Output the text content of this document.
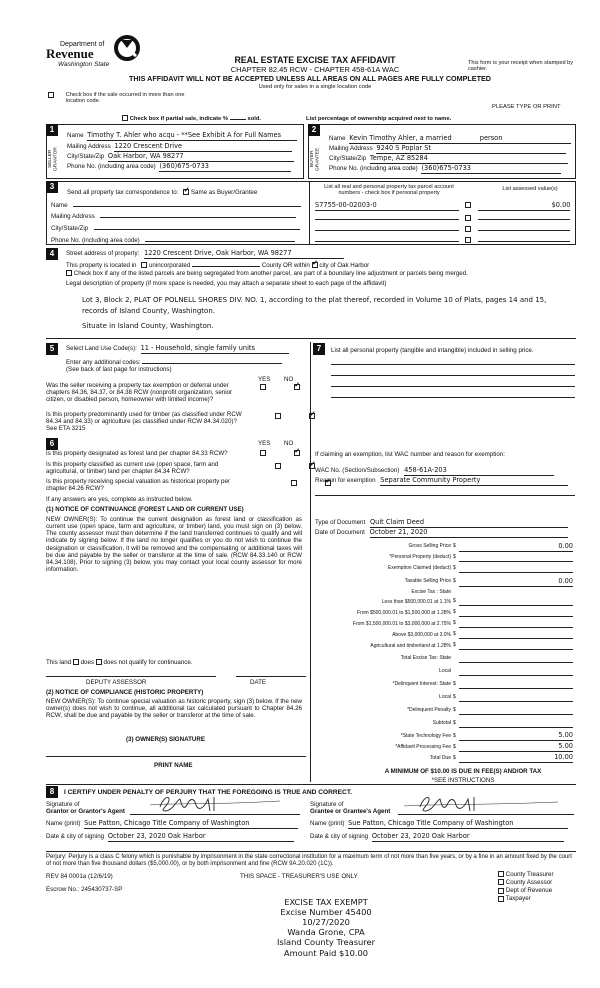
Department of
Revenue
Washington State	REAL ESTATE EXCISE TAX AFFIDAVIT
CHAPTER 82.45 RCW - CHAPTER 458-61A WAC
THIS AFFIDAVIT WILL NOT BE ACCEPTED UNLESS ALL AREAS ON ALL PAGES ARE FULLY COMPLETED
Used only for sales in a single location code
This form is your receipt when stamped by cashier.
Check box if the sale occurred in more than one location code.
PLEASE TYPE OR PRINT
Check box if partial sale, indicate %	sold.	List percentage of ownership acquired next to name.
1
SELLER GRANTOR
Name Timothy T. Ahler who acqu - **See Exhibit A for Full Names
Mailing Address 1220 Crescent Drive
City/State/Zip Oak Harbor, WA 98277
Phone No. (including area code) (360)675-0733
2
BUYER GRANTEE
Name Kevin Timothy Ahler, a married	person
Mailing Address 9240 S Poplar St
City/State/Zip Tempe, AZ 85284
Phone No. (including area code) (360)675-0733
3
Send all property tax correspondence to: ✓ Same as Buyer/Grantee
Name
Mailing Address
City/State/Zip
Phone No. (including area code)
List all real and personal property tax parcel account numbers - check box if personal property
List assessed value(s)
S7755-00-02003-0	$0.00

4	Street address of property: 1220 Crescent Drive, Oak Harbor, WA 98277
This property is located in unincorporated	County OR within ✓ city of Oak Harbor
Check box if any of the listed parcels are being segregated from another parcel, are part of a boundary line adjustment or parcels being merged.
Legal description of property (if more space is needed, you may attach a separate sheet to each page of the affidavit)
Lot 3, Block 2, PLAT OF POLNELL SHORES DIV. NO. 1, according to the plat thereof, recorded in Volume 10 of Plats, pages 14 and 15, records of Island County, Washington.
Situate in Island County, Washington.
5	Select Land Use Code(s): 11 - Household, single family units
Enter any additional codes:
(See back of last page for instructions)
YES NO
Was the seller receiving a property tax exemption or deferral under chapters 84.36, 84.37, or 84.38 RCW (nonprofit organization, senior citizen, or disabled person, homeowner with limited income)?
✓
Is this property predominantly used for timber (as classified under RCW 84.34 and 84.33) or agriculture (as classified under RCW 84.34.020)? See ETA 3215
✓
6	YES NO
Is this property designated as forest land per chapter 84.33 RCW?
✓
Is this property classified as current use (open space, farm and agricultural, or timber) land per chapter 84.34 RCW?
✓
Is this property receiving special valuation as historical property per chapter 84.26 RCW?
✓
If any answers are yes, complete as instructed below.
(1) NOTICE OF CONTINUANCE (FOREST LAND OR CURRENT USE)
NEW OWNER(S): To continue the current designation as forest land or classification as current use (open space, farm and agriculture, or timber) land, you must sign on (3) below. The county assessor must then determine if the land transferred continues to qualify and will indicate by signing below. If the land no longer qualifies or you do not wish to continue the designation or classification, it will be removed and the compensating or additional taxes will be due and payable by the seller or transferor at the time of sale. (RCW 84.33.140 or RCW 84.34.108). Prior to signing (3) below, you may contact your local county assessor for more information.
This land does does not qualify for continuance.
DEPUTY ASSESSOR	DATE
(2) NOTICE OF COMPLIANCE (HISTORIC PROPERTY)
NEW OWNER(S): To continue special valuation as historic property, sign (3) below. If the new owner(s) does not wish to continue, all additional tax calculated pursuant to Chapter 84.26 RCW, shall be due and payable by the seller or transferor at the time of sale.
(3) OWNER(S) SIGNATURE
PRINT NAME
7	List all personal property (tangible and intangible) included in selling price.
If claiming an exemption, list WAC number and reason for exemption:
WAC No. (Section/Subsection) 458-61A-203
Reason for exemption Separate Community Property
Type of Document Quit Claim Deed
Date of Document October 21, 2020
Gross Selling Price $	0.00
*Personal Property (deduct) $
Exemption Claimed (deduct) $
Taxable Selling Price $	0.00
Excise Tax : State
Less than $500,000.01 at 1.1% $
From $500,000.01 to $1,500,000 at 1.28% $
From $1,500,000.01 to $3,000,000 at 2.75% $
Above $3,000,000 at 3.0% $
Agricultural and timberland at 1.28% $
Total Excise Tax: State
Local
*Delinquent Interest: State $
Local $
*Delinquent Penalty $
Subtotal $
*State Technology Fee $	5.00
*Affidavit Processing Fee $	5.00
Total Due $	10.00
A MINIMUM OF $10.00 IS DUE IN FEE(S) AND/OR TAX
*SEE INSTRUCTIONS
8	I CERTIFY UNDER PENALTY OF PERJURY THAT THE FOREGOING IS TRUE AND CORRECT.
Signature of
Grantor or Grantor's Agent
Signature of
Grantee or Grantee's Agent
Name (print) Sue Patton, Chicago Title Company of Washington	Name (print) Sue Patton, Chicago Title Company of Washington
Date & city of signing October 23, 2020 Oak Harbor	Date & city of signing October 23, 2020 Oak Harbor
Perjury: Perjury is a class C felony which is punishable by imprisonment in the state correctional institution for a maximum term of not more than five years, or by a fine in an amount fixed by the court of not more than five thousand dollars ($5,000.00), or by both imprisonment and fine (RCW 9A.20.020 (1C)).
REV 84 0001a (12/6/19)	THIS SPACE - TREASURER'S USE ONLY
Escrow No.: 245430737-SP
County Treasurer
County Assessor
Dept of Revenue
Taxpayer
EXCISE TAX EXEMPT
Excise Number 45400
10/27/2020
Wanda Grone, CPA
Island County Treasurer
Amount Paid $10.00
